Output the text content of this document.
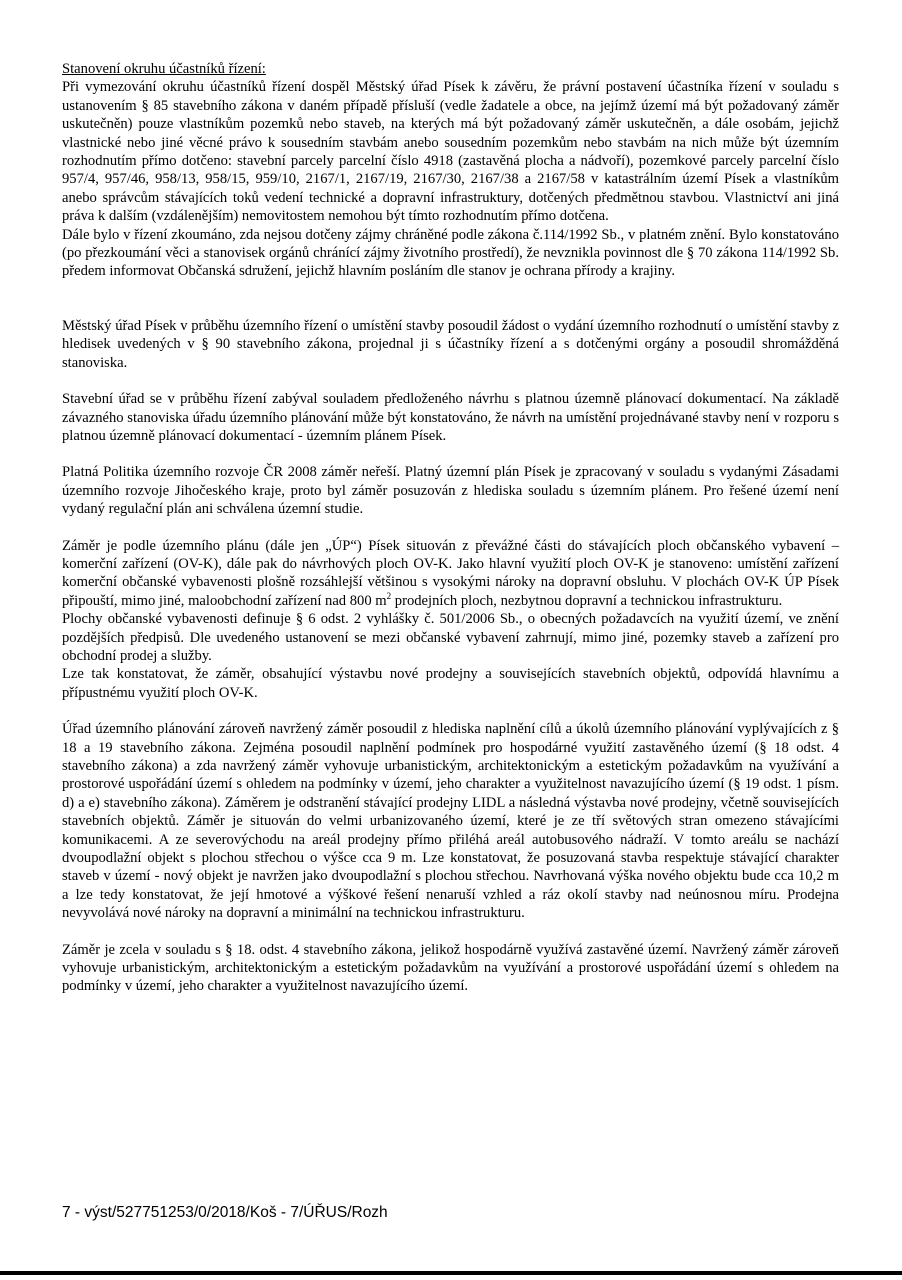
Stanovení okruhu účastníků řízení:

Při vymezování okruhu účastníků řízení dospěl Městský úřad Písek k závěru, že právní postavení účastníka řízení v souladu s ustanovením § 85 stavebního zákona v daném případě přísluší (vedle žadatele a obce, na jejímž území má být požadovaný záměr uskutečněn) pouze vlastníkům pozemků nebo staveb, na kterých má být požadovaný záměr uskutečněn, a dále osobám, jejichž vlastnické nebo jiné věcné právo k sousedním stavbám anebo sousedním pozemkům nebo stavbám na nich může být územním rozhodnutím přímo dotčeno: stavební parcely parcelní číslo 4918 (zastavěná plocha a nádvoří), pozemkové parcely parcelní číslo 957/4, 957/46, 958/13, 958/15, 959/10, 2167/1, 2167/19, 2167/30, 2167/38 a 2167/58 v katastrálním území Písek a vlastníkům anebo správcům stávajících toků vedení technické a dopravní infrastruktury, dotčených předmětnou stavbou. Vlastnictví ani jiná práva k dalším (vzdálenějším) nemovitostem nemohou být tímto rozhodnutím přímo dotčena.

Dále bylo v řízení zkoumáno, zda nejsou dotčeny zájmy chráněné podle zákona č.114/1992 Sb., v platném znění. Bylo konstatováno (po přezkoumání věci a stanovisek orgánů chránící zájmy životního prostředí), že nevznikla povinnost dle § 70 zákona 114/1992 Sb. předem informovat Občanská sdružení, jejichž hlavním posláním dle stanov je ochrana přírody a krajiny.

Městský úřad Písek v průběhu územního řízení o umístění stavby posoudil žádost o vydání územního rozhodnutí o umístění stavby z hledisek uvedených v § 90 stavebního zákona, projednal ji s účastníky řízení a s dotčenými orgány a posoudil shromážděná stanoviska.

Stavební úřad se v průběhu řízení zabýval souladem předloženého návrhu s platnou územně plánovací dokumentací. Na základě závazného stanoviska úřadu územního plánování může být konstatováno, že návrh na umístění projednávané stavby není v rozporu s platnou územně plánovací dokumentací - územním plánem Písek.

Platná Politika územního rozvoje ČR 2008 záměr neřeší. Platný územní plán Písek je zpracovaný v souladu s vydanými Zásadami územního rozvoje Jihočeského kraje, proto byl záměr posuzován z hlediska souladu s územním plánem. Pro řešené území není vydaný regulační plán ani schválena územní studie.

Záměr je podle územního plánu (dále jen „ÚP“) Písek situován z převážné části do stávajících ploch občanského vybavení – komerční zařízení (OV-K), dále pak do návrhových ploch OV-K. Jako hlavní využití ploch OV-K je stanoveno: umístění zařízení komerční občanské vybavenosti plošně rozsáhlejší většinou s vysokými nároky na dopravní obsluhu. V plochách OV-K ÚP Písek připouští, mimo jiné, maloobchodní zařízení nad 800 $m^2$ prodejních ploch, nezbytnou dopravní a technickou infrastrukturu.

Plochy občanské vybavenosti definuje § 6 odst. 2 vyhlášky č. 501/2006 Sb., o obecných požadavcích na využití území, ve znění pozdějších předpisů. Dle uvedeného ustanovení se mezi občanské vybavení zahrnují, mimo jiné, pozemky staveb a zařízení pro obchodní prodej a služby.

Lze tak konstatovat, že záměr, obsahující výstavbu nové prodejny a souvisejících stavebních objektů, odpovídá hlavnímu a přípustnému využití ploch OV-K.

Úřad územního plánování zároveň navržený záměr posoudil z hlediska naplnění cílů a úkolů územního plánování vyplývajících z § 18 a 19 stavebního zákona. Zejména posoudil naplnění podmínek pro hospodárné využití zastavěného území (§ 18 odst. 4 stavebního zákona) a zda navržený záměr vyhovuje urbanistickým, architektonickým a estetickým požadavkům na využívání a prostorové uspořádání území s ohledem na podmínky v území, jeho charakter a využitelnost navazujícího území (§ 19 odst. 1 písm. d) a e) stavebního zákona). Záměrem je odstranění stávající prodejny LIDL a následná výstavba nové prodejny, včetně souvisejících stavebních objektů. Záměr je situován do velmi urbanizovaného území, které je ze tří světových stran omezeno stávajícími komunikacemi. A ze severovýchodu na areál prodejny přímo přiléhá areál autobusového nádraží. V tomto areálu se nachází dvoupodlažní objekt s plochou střechou o výšce cca 9 m. Lze konstatovat, že posuzovaná stavba respektuje stávající charakter staveb v území - nový objekt je navržen jako dvoupodlažní s plochou střechou. Navrhovaná výška nového objektu bude cca 10,2 m a lze tedy konstatovat, že její hmotové a výškové řešení nenaruší vzhled a ráz okolí stavby nad neúnosnou míru. Prodejna nevyvolává nové nároky na dopravní a minimální na technickou infrastrukturu.

Záměr je zcela v souladu s § 18. odst. 4 stavebního zákona, jelikož hospodárně využívá zastavěné území. Navržený záměr zároveň vyhovuje urbanistickým, architektonickým a estetickým požadavkům na využívání a prostorové uspořádání území s ohledem na podmínky v území, jeho charakter a využitelnost navazujícího území.

7 - výst/527751253/0/2018/Koš - 7/ÚŘUS/Rozh
